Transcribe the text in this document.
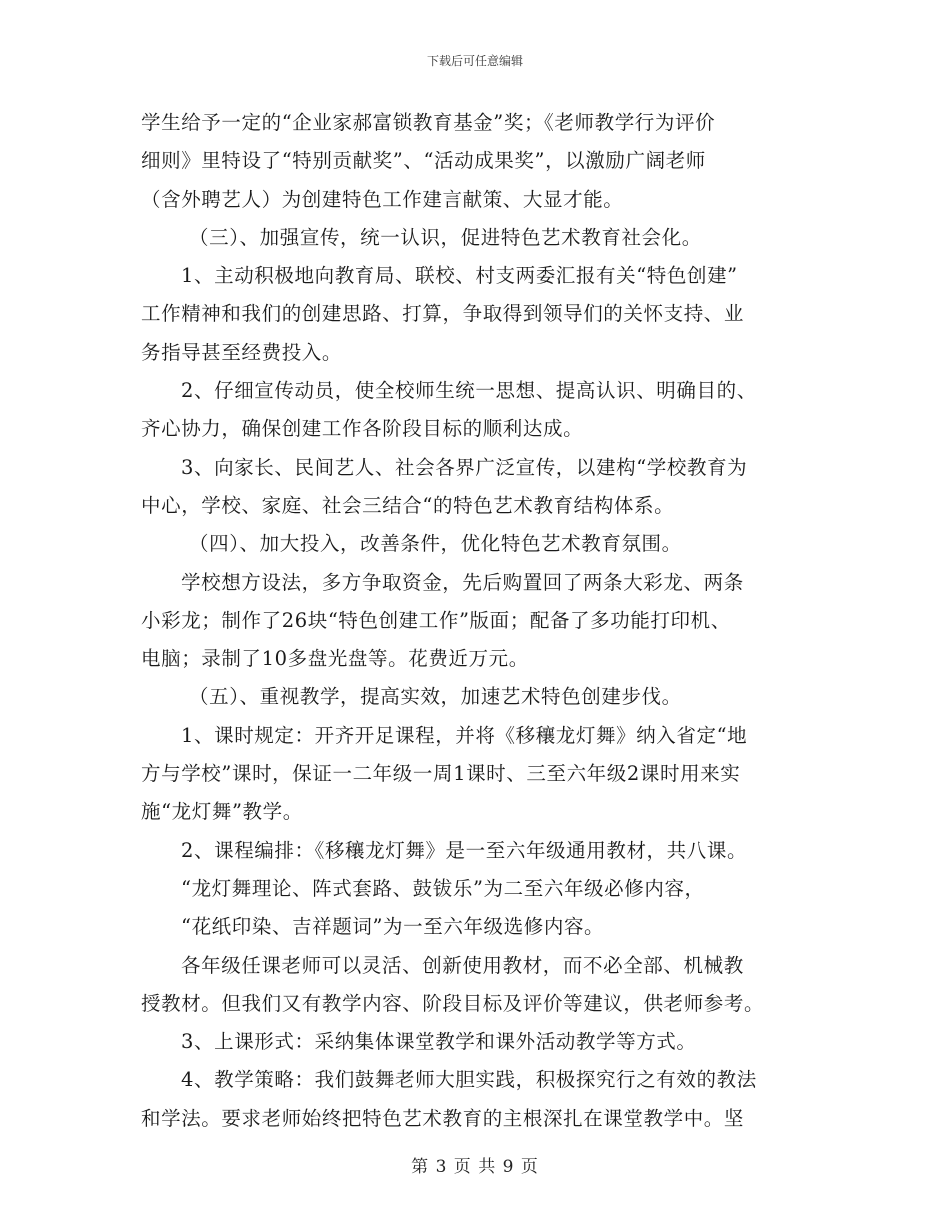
下载后可任意编辑
学生给予一定的“企业家郝富锁教育基金”奖；《老师教学行为评价
细则》里特设了“特别贡献奖”、“活动成果奖”，以激励广阔老师
（含外聘艺人）为创建特色工作建言献策、大显才能。
（三）、加强宣传，统一认识，促进特色艺术教育社会化。
1、主动积极地向教育局、联校、村支两委汇报有关“特色创建”
工作精神和我们的创建思路、打算，争取得到领导们的关怀支持、业
务指导甚至经费投入。
2、仔细宣传动员，使全校师生统一思想、提高认识、明确目的、
齐心协力，确保创建工作各阶段目标的顺利达成。
3、向家长、民间艺人、社会各界广泛宣传，以建构“学校教育为
中心，学校、家庭、社会三结合“的特色艺术教育结构体系。
（四）、加大投入，改善条件，优化特色艺术教育氛围。
学校想方设法，多方争取资金，先后购置回了两条大彩龙、两条
小彩龙；制作了26块“特色创建工作”版面；配备了多功能打印机、
电脑；录制了10多盘光盘等。花费近万元。
（五）、重视教学，提高实效，加速艺术特色创建步伐。
1、课时规定：开齐开足课程，并将《移穰龙灯舞》纳入省定“地
方与学校”课时，保证一二年级一周1课时、三至六年级2课时用来实
施“龙灯舞”教学。
2、课程编排：《移穰龙灯舞》是一至六年级通用教材，共八课。
“龙灯舞理论、阵式套路、鼓钹乐”为二至六年级必修内容，
“花纸印染、吉祥题词”为一至六年级选修内容。
各年级任课老师可以灵活、创新使用教材，而不必全部、机械教
授教材。但我们又有教学内容、阶段目标及评价等建议，供老师参考。
3、上课形式：采纳集体课堂教学和课外活动教学等方式。
4、教学策略：我们鼓舞老师大胆实践，积极探究行之有效的教法
和学法。要求老师始终把特色艺术教育的主根深扎在课堂教学中。坚
第 3 页 共 9 页
